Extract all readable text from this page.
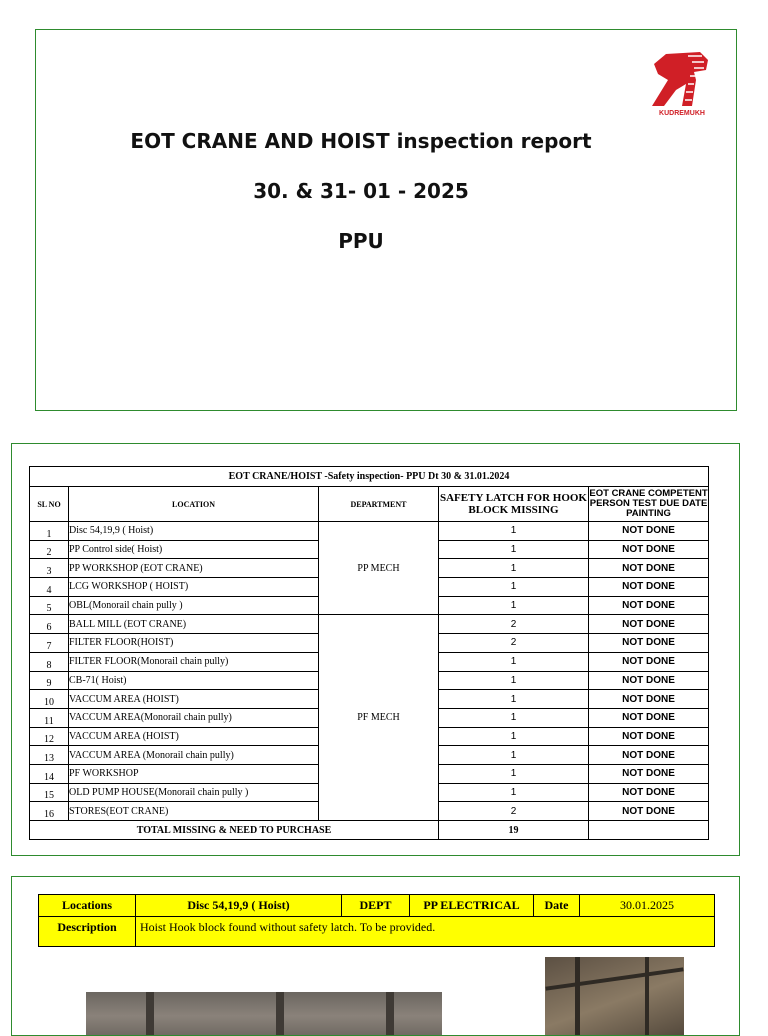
KUDREMUKH
EOT CRANE AND HOIST inspection report
30. & 31- 01 - 2025
PPU
EOT CRANE/HOIST -Safety inspection- PPU Dt 30 & 31.01.2024				
SL NO	LOCATION	DEPARTMENT	SAFETY LATCH FOR HOOK BLOCK MISSING	EOT CRANE COMPETENT PERSON TEST DUE DATE PAINTING
1	Disc 54,19,9 ( Hoist)	PP MECH	1	NOT DONE
2	PP Control side( Hoist)		1	NOT DONE
3	PP WORKSHOP (EOT CRANE)		1	NOT DONE
4	LCG WORKSHOP ( HOIST)		1	NOT DONE
5	OBL(Monorail chain pully )		1	NOT DONE
6	BALL MILL (EOT CRANE)	PF MECH	2	NOT DONE
7	FILTER FLOOR(HOIST)		2	NOT DONE
8	FILTER FLOOR(Monorail chain pully)		1	NOT DONE
9	CB-71( Hoist)		1	NOT DONE
10	VACCUM AREA (HOIST)		1	NOT DONE
11	VACCUM AREA(Monorail chain pully)		1	NOT DONE
12	VACCUM AREA (HOIST)		1	NOT DONE
13	VACCUM AREA (Monorail chain pully)		1	NOT DONE
14	PF WORKSHOP		1	NOT DONE
15	OLD PUMP HOUSE(Monorail chain pully )		1	NOT DONE
16	STORES(EOT CRANE)		2	NOT DONE
TOTAL MISSING & NEED TO PURCHASE			19	
Locations	Disc 54,19,9 ( Hoist)	DEPT	PP ELECTRICAL	Date	30.01.2025
Description	Hoist Hook block found without safety latch. To be provided.				
